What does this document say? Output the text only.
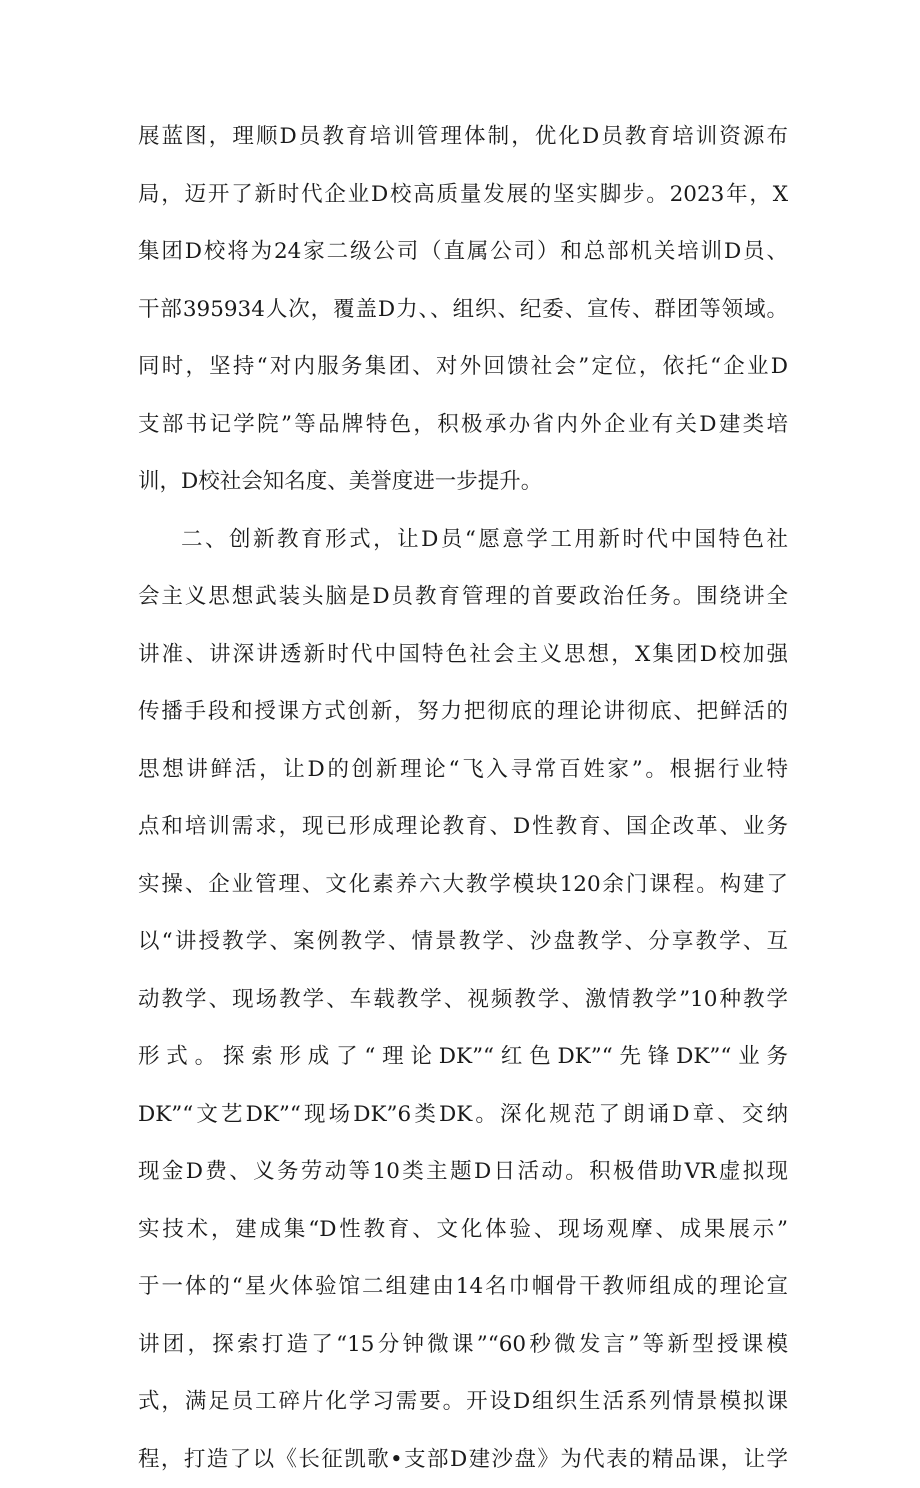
展蓝图，理顺D员教育培训管理体制，优化D员教育培训资源布
局，迈开了新时代企业D校高质量发展的坚实脚步。2023年，X
集团D校将为24家二级公司（直属公司）和总部机关培训D员、
干部395934人次，覆盖D力、、组织、纪委、宣传、群团等领域。
同时，坚持“对内服务集团、对外回馈社会”定位，依托“企业D
支部书记学院”等品牌特色，积极承办省内外企业有关D建类培
训，D校社会知名度、美誉度进一步提升。
二、创新教育形式，让D员“愿意学工用新时代中国特色社
会主义思想武装头脑是D员教育管理的首要政治任务。围绕讲全
讲准、讲深讲透新时代中国特色社会主义思想，X集团D校加强
传播手段和授课方式创新，努力把彻底的理论讲彻底、把鲜活的
思想讲鲜活，让D的创新理论“飞入寻常百姓家”。根据行业特
点和培训需求，现已形成理论教育、D性教育、国企改革、业务
实操、企业管理、文化素养六大教学模块120余门课程。构建了
以“讲授教学、案例教学、情景教学、沙盘教学、分享教学、互
动教学、现场教学、车载教学、视频教学、激情教学”10种教学
形式。探索形成了“理论DK”“红色DK”“先锋DK”“业务
DK”“文艺DK”“现场DK”6类DK。深化规范了朗诵D章、交纳
现金D费、义务劳动等10类主题D日活动。积极借助VR虚拟现
实技术，建成集“D性教育、文化体验、现场观摩、成果展示”
于一体的“星火体验馆二组建由14名巾帼骨干教师组成的理论宣
讲团，探索打造了“15分钟微课”“60秒微发言”等新型授课模
式，满足员工碎片化学习需要。开设D组织生活系列情景模拟课
程，打造了以《长征凯歌•支部D建沙盘》为代表的精品课，让学
